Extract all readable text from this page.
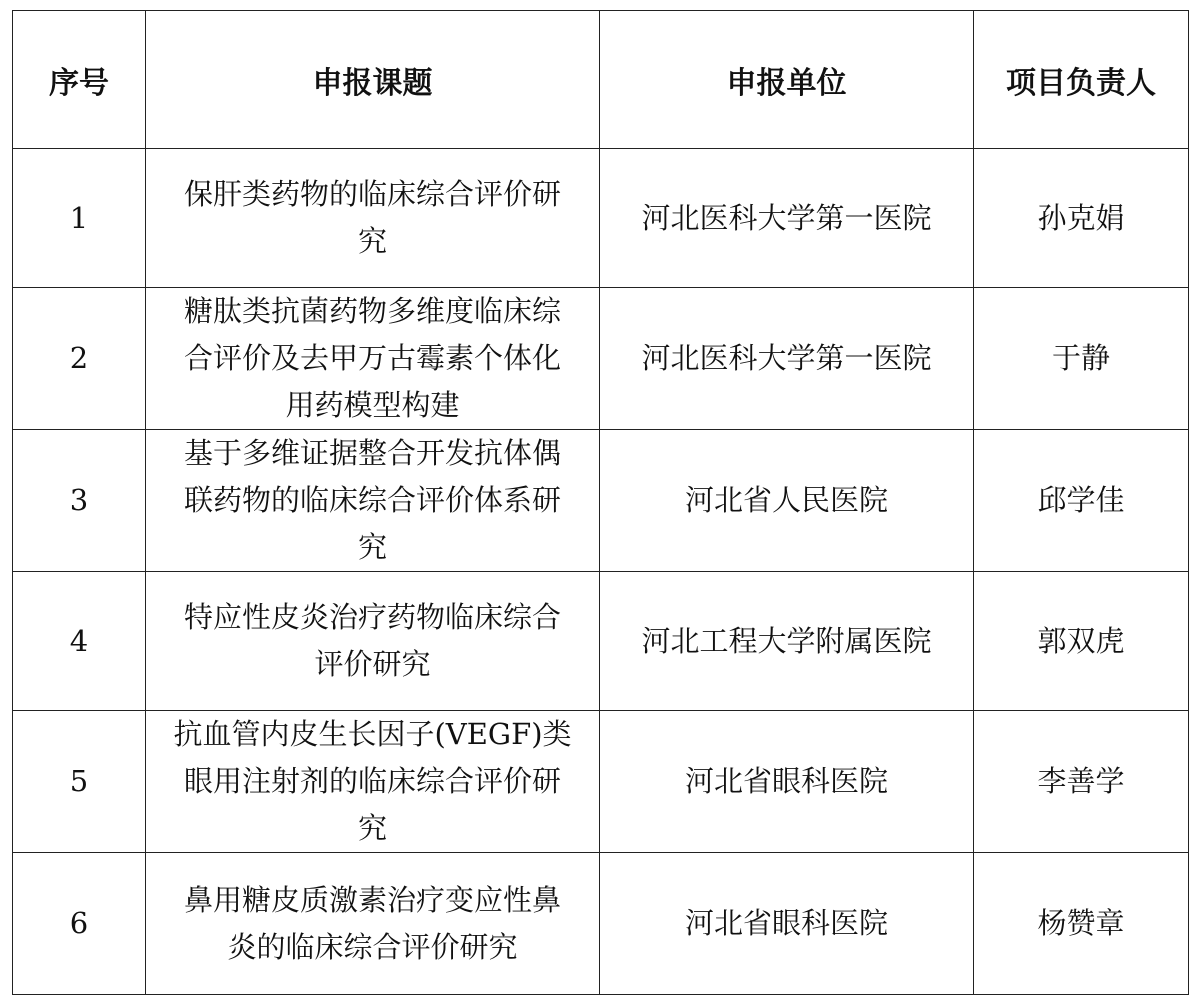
序号	申报课题	申报单位	项目负责人
1	保肝类药物的临床综合评价研究	河北医科大学第一医院	孙克娟
2	糖肽类抗菌药物多维度临床综合评价及去甲万古霉素个体化用药模型构建	河北医科大学第一医院	于静
3	基于多维证据整合开发抗体偶联药物的临床综合评价体系研究	河北省人民医院	邱学佳
4	特应性皮炎治疗药物临床综合评价研究	河北工程大学附属医院	郭双虎
5	抗血管内皮生长因子(VEGF)类眼用注射剂的临床综合评价研究	河北省眼科医院	李善学
6	鼻用糖皮质激素治疗变应性鼻炎的临床综合评价研究	河北省眼科医院	杨赞章
